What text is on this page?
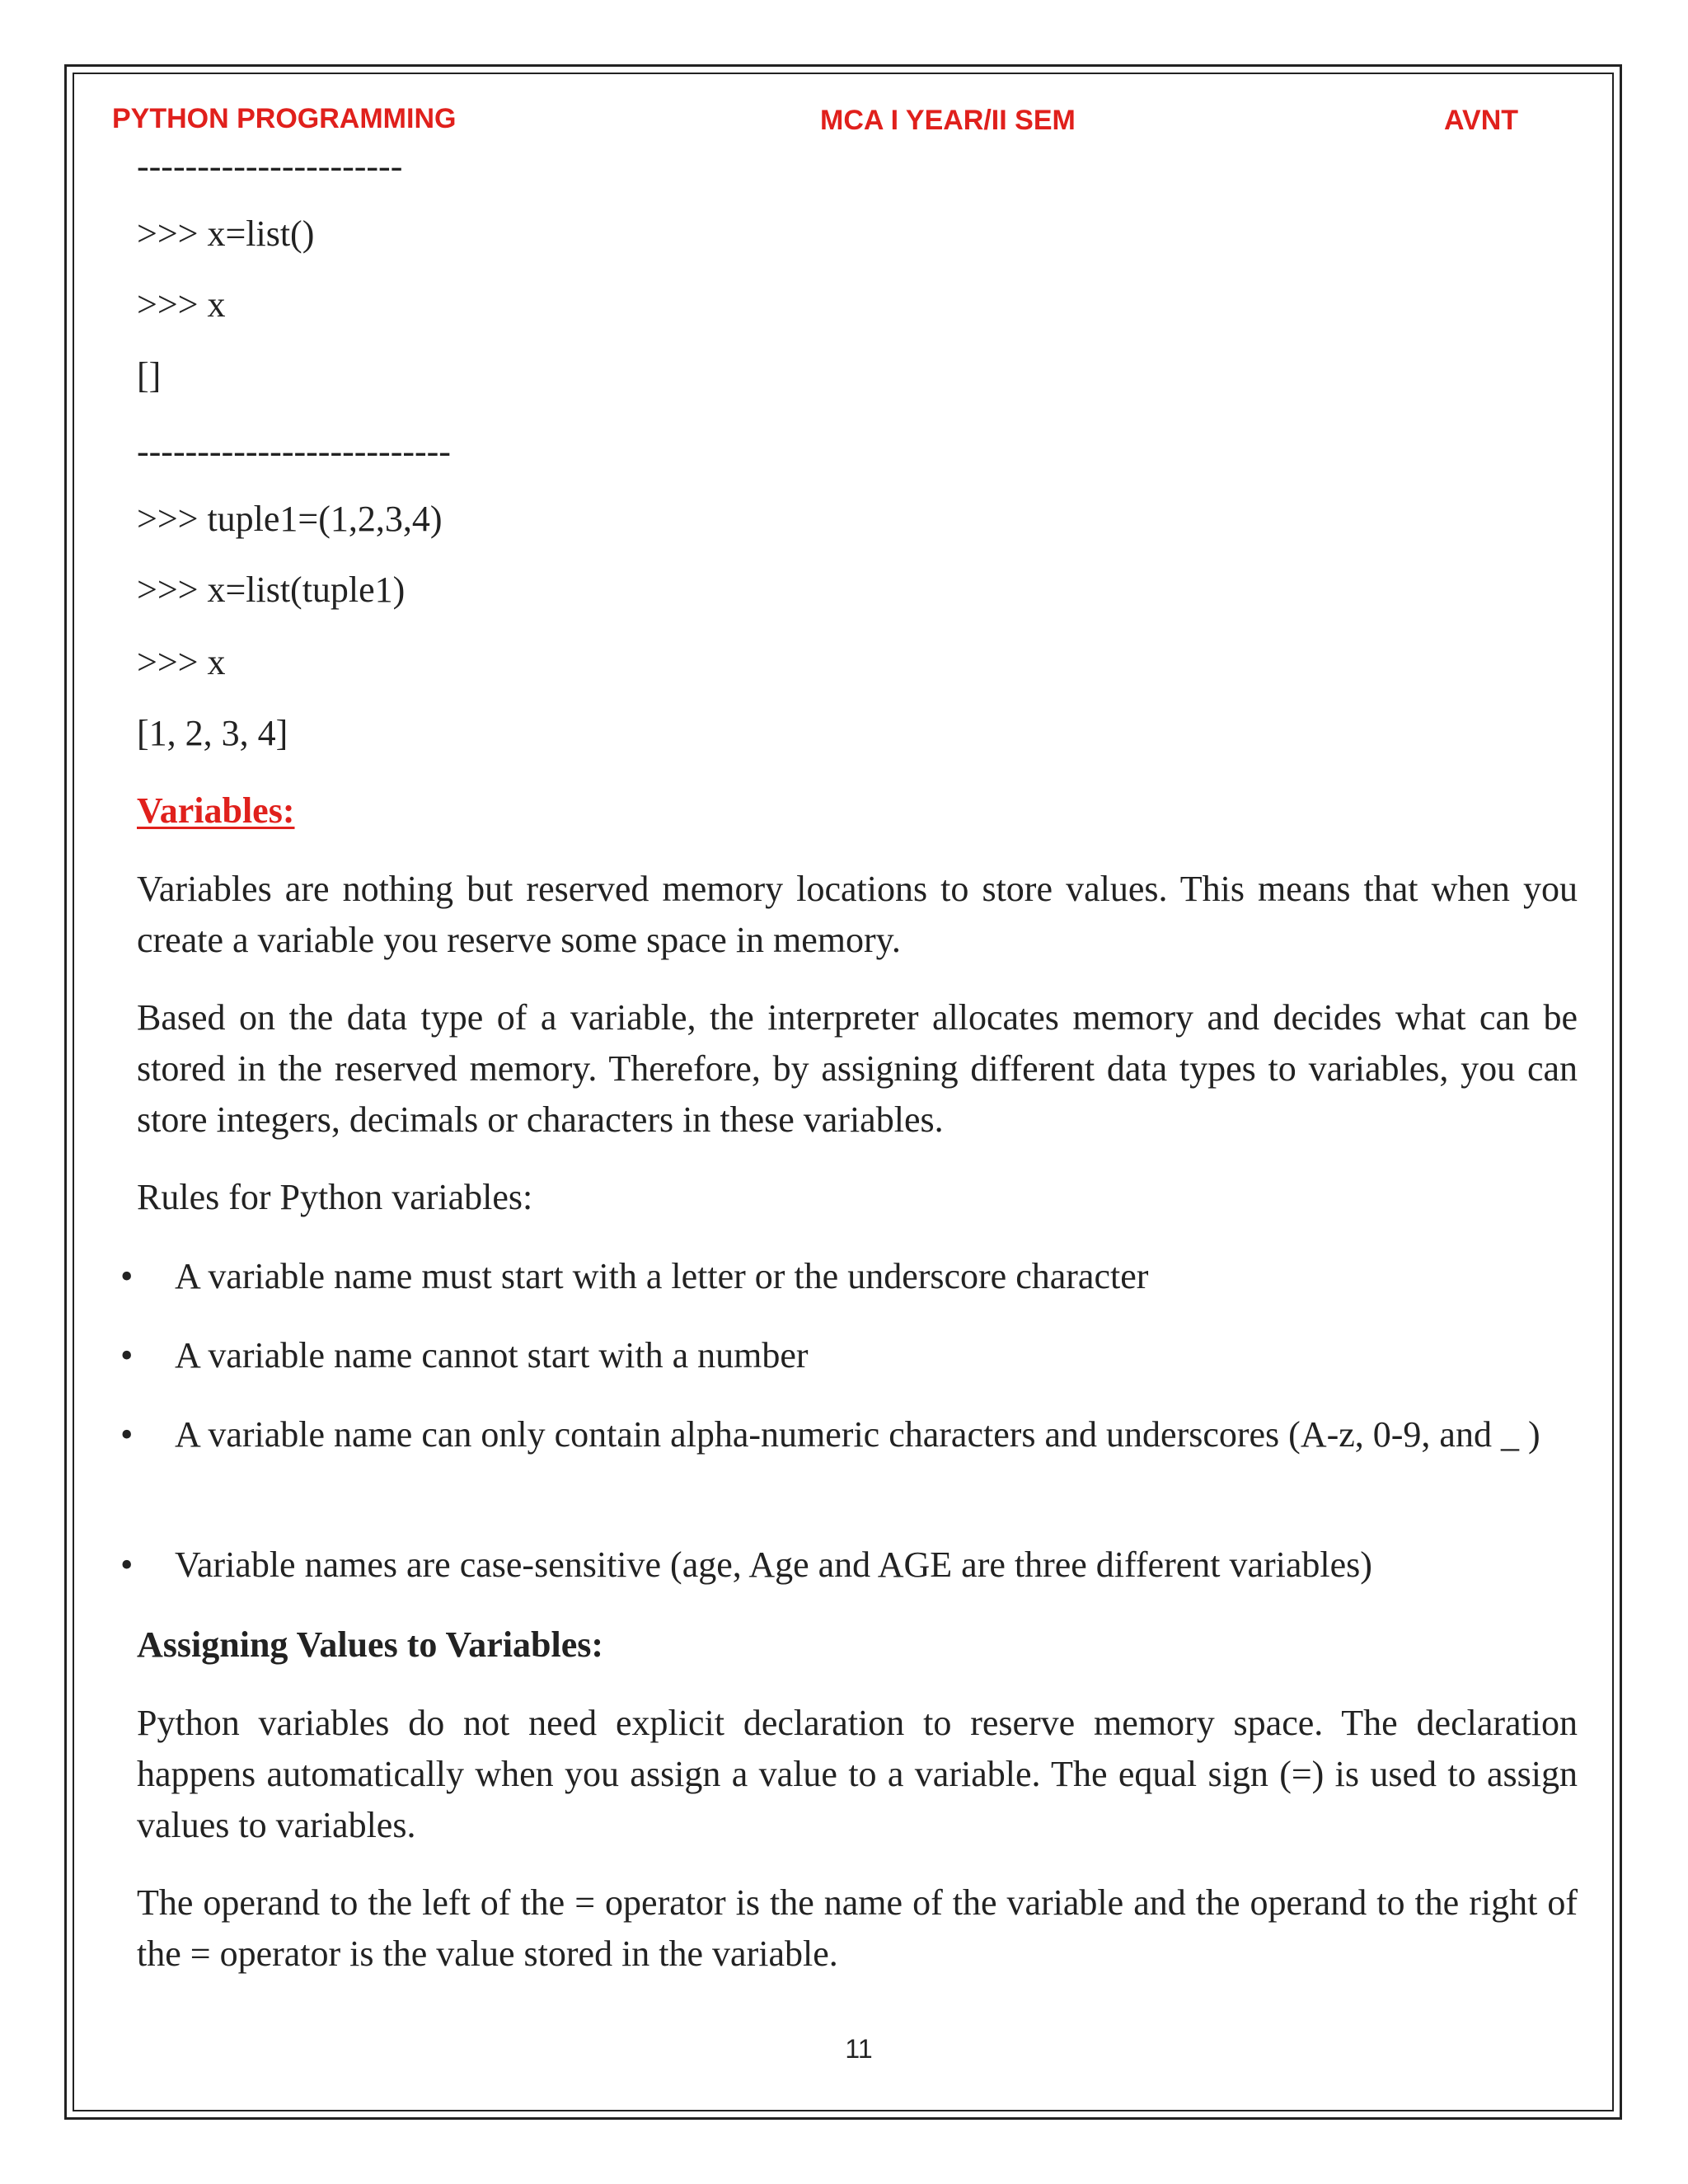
PYTHON PROGRAMMING	MCA I YEAR/II SEM	AVNT
----------------------
>>> x=list()
>>> x
[]
--------------------------
>>> tuple1=(1,2,3,4)
>>> x=list(tuple1)
>>> x
[1, 2, 3, 4]
Variables:
Variables are nothing but reserved memory locations to store values. This means that when you create a variable you reserve some space in memory.
Based on the data type of a variable, the interpreter allocates memory and decides what can be stored in the reserved memory. Therefore, by assigning different data types to variables, you can store integers, decimals or characters in these variables.
Rules for Python variables:
•	A variable name must start with a letter or the underscore character
•	A variable name cannot start with a number
•	A variable name can only contain alpha-numeric characters and underscores (A-z, 0-9, and _ )
•	Variable names are case-sensitive (age, Age and AGE are three different variables)
Assigning Values to Variables:
Python variables do not need explicit declaration to reserve memory space. The declaration happens automatically when you assign a value to a variable. The equal sign (=) is used to assign values to variables.
The operand to the left of the = operator is the name of the variable and the operand to the right of the = operator is the value stored in the variable.
11
